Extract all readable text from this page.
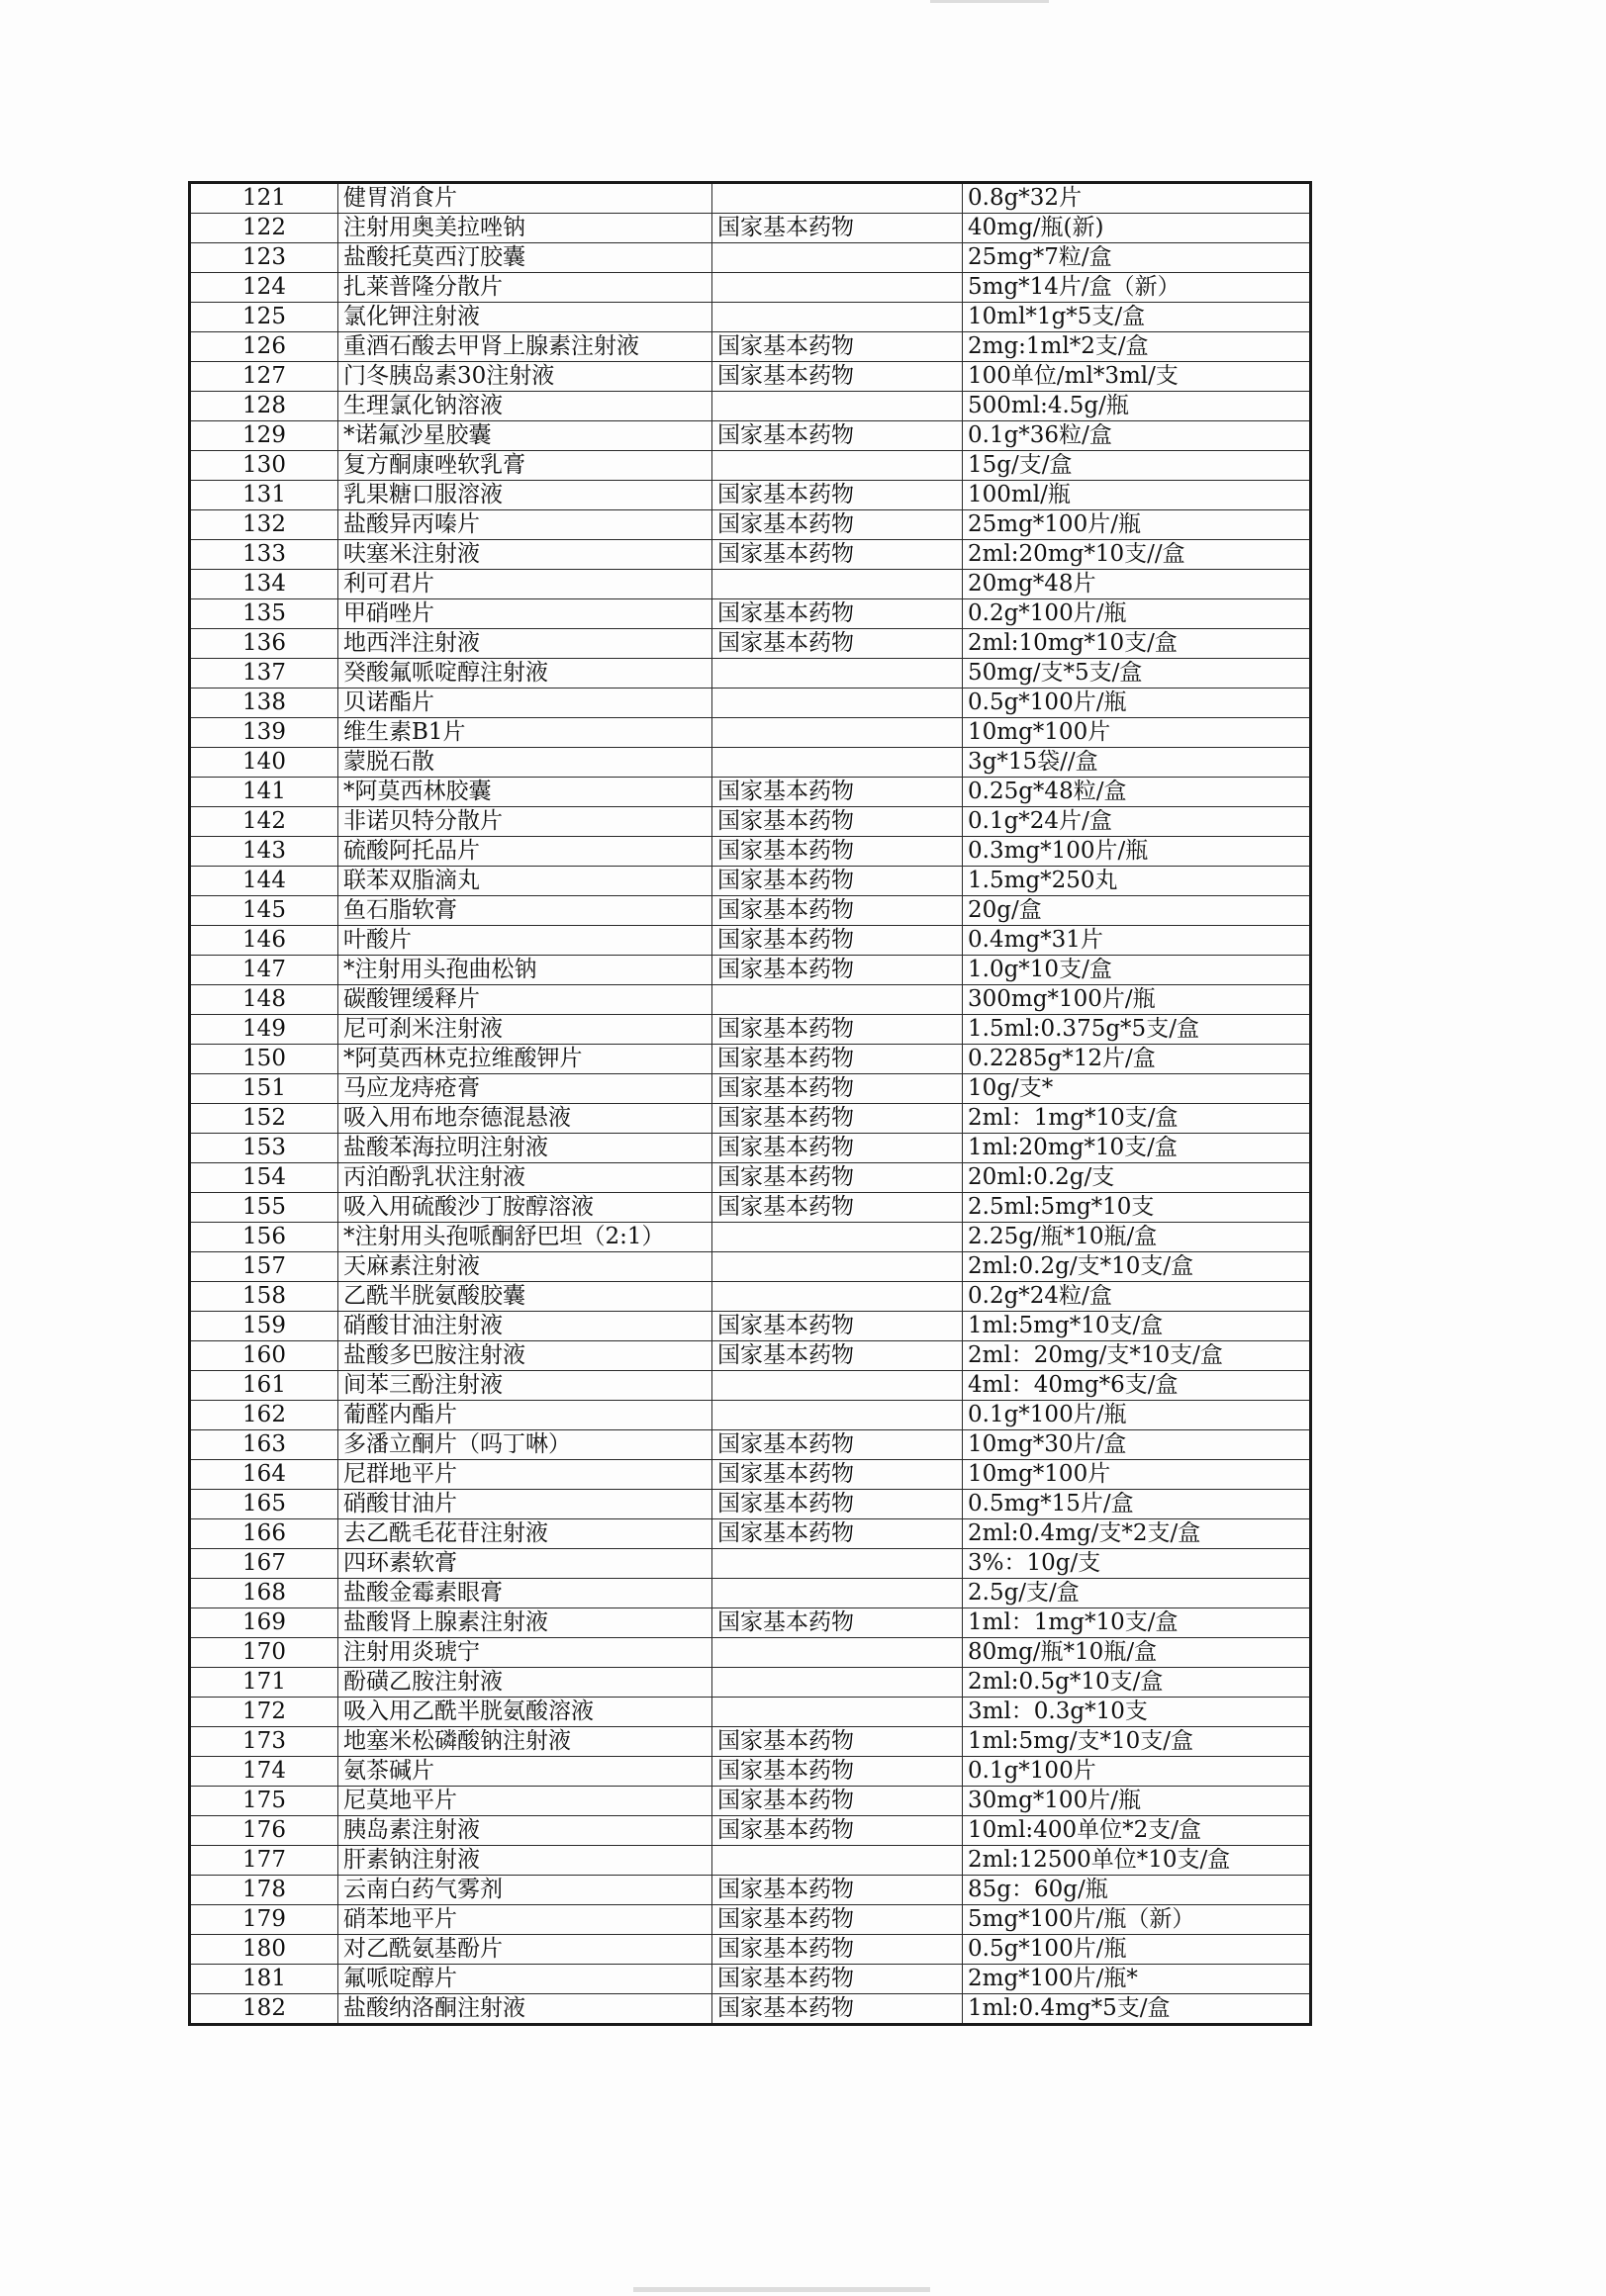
121	健胃消食片		0.8g*32片
122	注射用奥美拉唑钠	国家基本药物	40mg/瓶(新)
123	盐酸托莫西汀胶囊		25mg*7粒/盒
124	扎莱普隆分散片		5mg*14片/盒（新）
125	氯化钾注射液		10ml*1g*5支/盒
126	重酒石酸去甲肾上腺素注射液	国家基本药物	2mg:1ml*2支/盒
127	门冬胰岛素30注射液	国家基本药物	100单位/ml*3ml/支
128	生理氯化钠溶液		500ml:4.5g/瓶
129	*诺氟沙星胶囊	国家基本药物	0.1g*36粒/盒
130	复方酮康唑软乳膏		15g/支/盒
131	乳果糖口服溶液	国家基本药物	100ml/瓶
132	盐酸异丙嗪片	国家基本药物	25mg*100片/瓶
133	呋塞米注射液	国家基本药物	2ml:20mg*10支//盒
134	利可君片		20mg*48片
135	甲硝唑片	国家基本药物	0.2g*100片/瓶
136	地西泮注射液	国家基本药物	2ml:10mg*10支/盒
137	癸酸氟哌啶醇注射液		50mg/支*5支/盒
138	贝诺酯片		0.5g*100片/瓶
139	维生素B1片		10mg*100片
140	蒙脱石散		3g*15袋//盒
141	*阿莫西林胶囊	国家基本药物	0.25g*48粒/盒
142	非诺贝特分散片	国家基本药物	0.1g*24片/盒
143	硫酸阿托品片	国家基本药物	0.3mg*100片/瓶
144	联苯双脂滴丸	国家基本药物	1.5mg*250丸
145	鱼石脂软膏	国家基本药物	20g/盒
146	叶酸片	国家基本药物	0.4mg*31片
147	*注射用头孢曲松钠	国家基本药物	1.0g*10支/盒
148	碳酸锂缓释片		300mg*100片/瓶
149	尼可刹米注射液	国家基本药物	1.5ml:0.375g*5支/盒
150	*阿莫西林克拉维酸钾片	国家基本药物	0.2285g*12片/盒
151	马应龙痔疮膏	国家基本药物	10g/支*
152	吸入用布地奈德混悬液	国家基本药物	2ml：1mg*10支/盒
153	盐酸苯海拉明注射液	国家基本药物	1ml:20mg*10支/盒
154	丙泊酚乳状注射液	国家基本药物	20ml:0.2g/支
155	吸入用硫酸沙丁胺醇溶液	国家基本药物	2.5ml:5mg*10支
156	*注射用头孢哌酮舒巴坦（2:1）		2.25g/瓶*10瓶/盒
157	天麻素注射液		2ml:0.2g/支*10支/盒
158	乙酰半胱氨酸胶囊		0.2g*24粒/盒
159	硝酸甘油注射液	国家基本药物	1ml:5mg*10支/盒
160	盐酸多巴胺注射液	国家基本药物	2ml：20mg/支*10支/盒
161	间苯三酚注射液		4ml：40mg*6支/盒
162	葡醛内酯片		0.1g*100片/瓶
163	多潘立酮片（吗丁啉）	国家基本药物	10mg*30片/盒
164	尼群地平片	国家基本药物	10mg*100片
165	硝酸甘油片	国家基本药物	0.5mg*15片/盒
166	去乙酰毛花苷注射液	国家基本药物	2ml:0.4mg/支*2支/盒
167	四环素软膏		3%：10g/支
168	盐酸金霉素眼膏		2.5g/支/盒
169	盐酸肾上腺素注射液	国家基本药物	1ml：1mg*10支/盒
170	注射用炎琥宁		80mg/瓶*10瓶/盒
171	酚磺乙胺注射液		2ml:0.5g*10支/盒
172	吸入用乙酰半胱氨酸溶液		3ml：0.3g*10支
173	地塞米松磷酸钠注射液	国家基本药物	1ml:5mg/支*10支/盒
174	氨茶碱片	国家基本药物	0.1g*100片
175	尼莫地平片	国家基本药物	30mg*100片/瓶
176	胰岛素注射液	国家基本药物	10ml:400单位*2支/盒
177	肝素钠注射液		2ml:12500单位*10支/盒
178	云南白药气雾剂	国家基本药物	85g：60g/瓶
179	硝苯地平片	国家基本药物	5mg*100片/瓶（新）
180	对乙酰氨基酚片	国家基本药物	0.5g*100片/瓶
181	氟哌啶醇片	国家基本药物	2mg*100片/瓶*
182	盐酸纳洛酮注射液	国家基本药物	1ml:0.4mg*5支/盒
